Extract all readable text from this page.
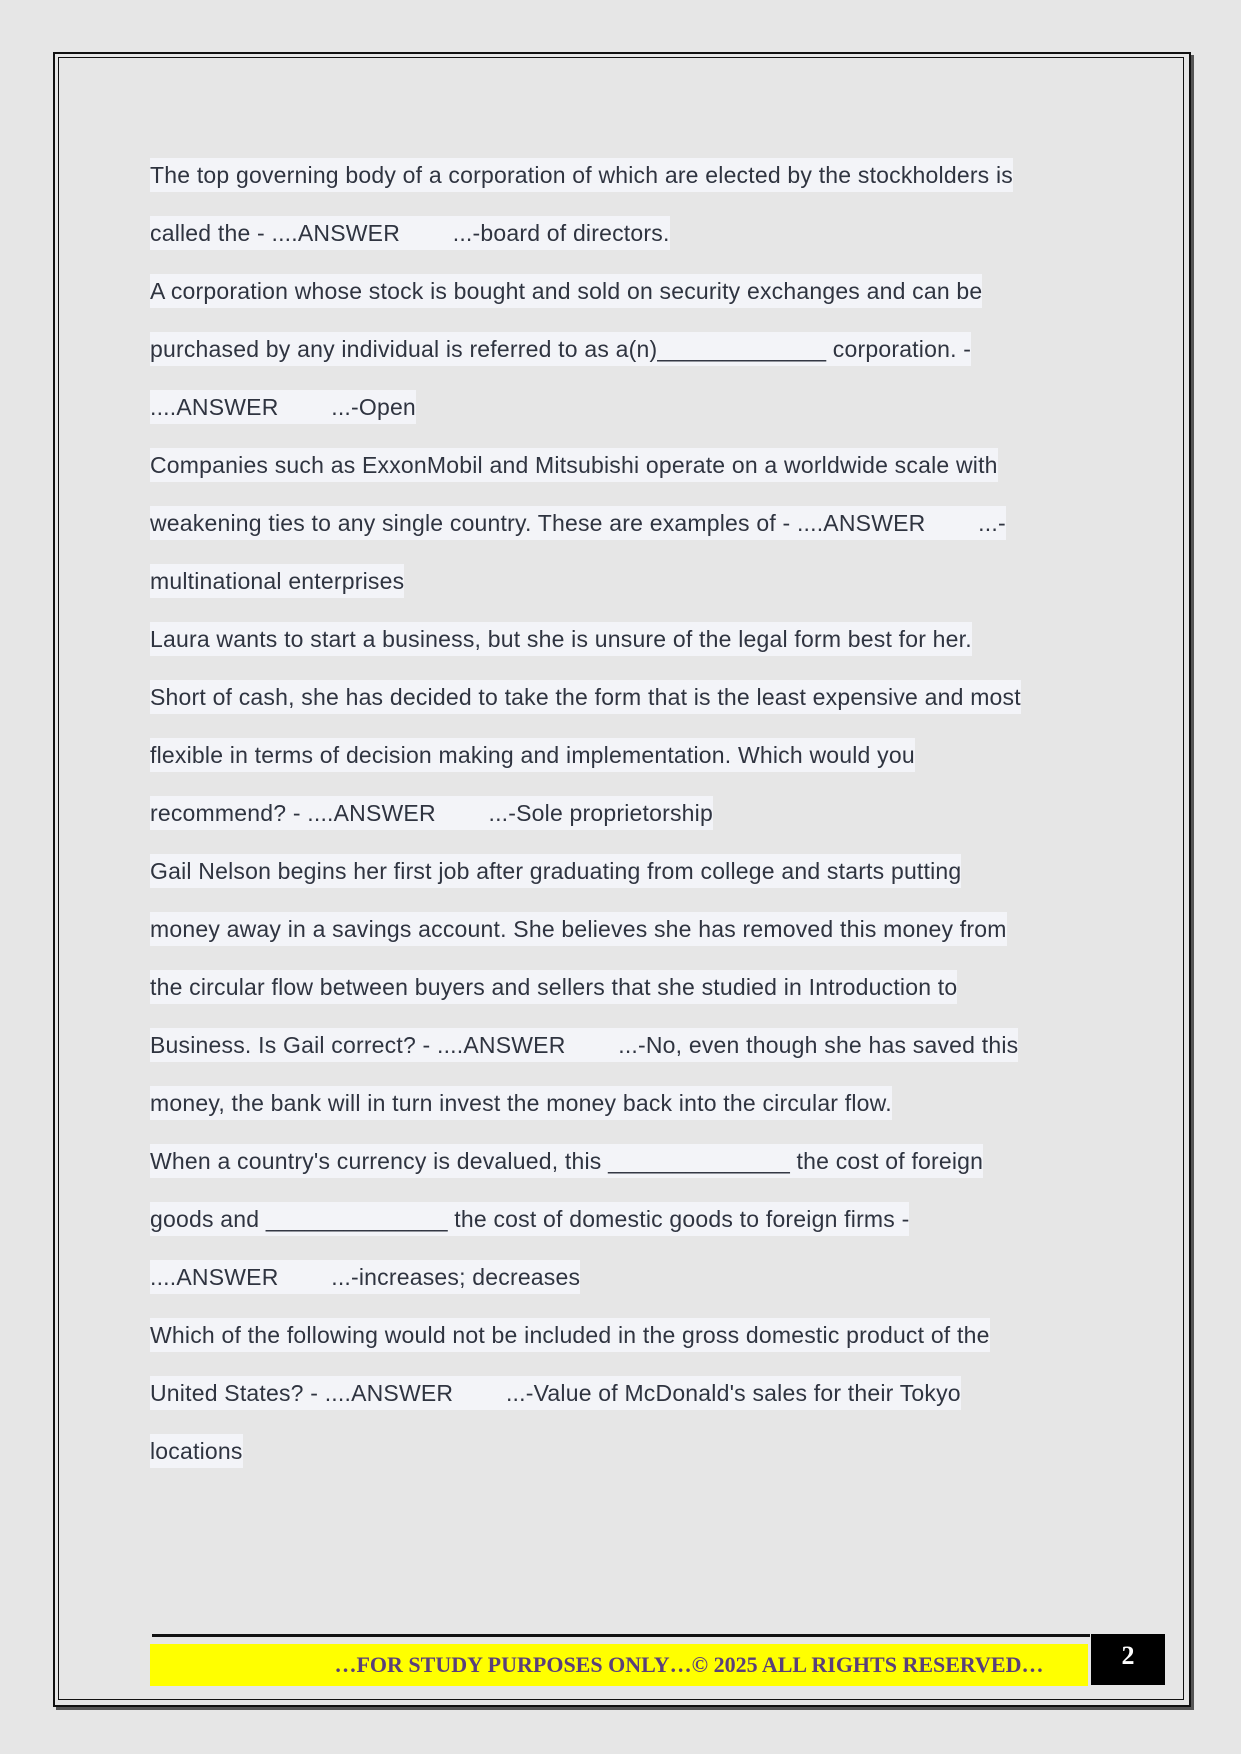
The top governing body of a corporation of which are elected by the stockholders is
called the - ....ANSWER        ...-board of directors.
A corporation whose stock is bought and sold on security exchanges and can be
purchased by any individual is referred to as a(n)_____________ corporation. -
....ANSWER        ...-Open
Companies such as ExxonMobil and Mitsubishi operate on a worldwide scale with
weakening ties to any single country. These are examples of - ....ANSWER        ...-
multinational enterprises
Laura wants to start a business, but she is unsure of the legal form best for her.
Short of cash, she has decided to take the form that is the least expensive and most
flexible in terms of decision making and implementation. Which would you
recommend? - ....ANSWER        ...-Sole proprietorship
Gail Nelson begins her first job after graduating from college and starts putting
money away in a savings account. She believes she has removed this money from
the circular flow between buyers and sellers that she studied in Introduction to
Business. Is Gail correct? - ....ANSWER        ...-No, even though she has saved this
money, the bank will in turn invest the money back into the circular flow.
When a country's currency is devalued, this ______________ the cost of foreign
goods and ______________ the cost of domestic goods to foreign firms -
....ANSWER        ...-increases; decreases
Which of the following would not be included in the gross domestic product of the
United States? - ....ANSWER        ...-Value of McDonald's sales for their Tokyo
locations
…FOR STUDY PURPOSES ONLY…© 2025 ALL RIGHTS RESERVED…	2
